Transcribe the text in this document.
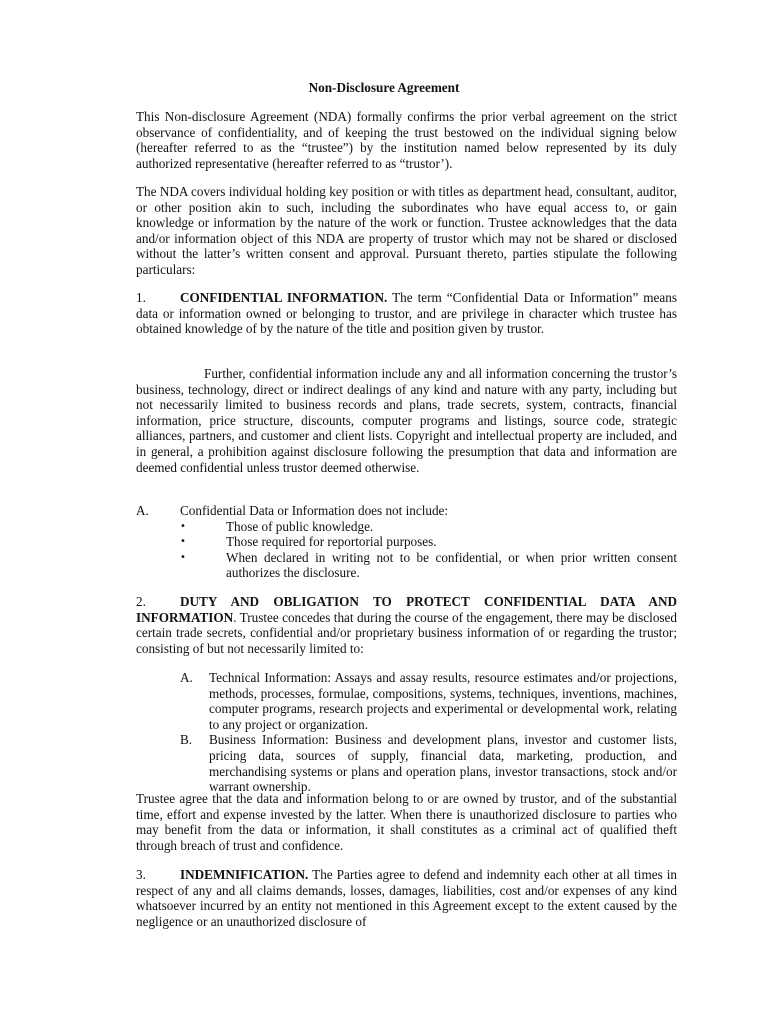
Non-Disclosure Agreement

This Non-disclosure Agreement (NDA) formally confirms the prior verbal agreement on the strict observance of confidentiality, and of keeping the trust bestowed on the individual signing below (hereafter referred to as the “trustee”) by the institution named below represented by its duly authorized representative (hereafter referred to as “trustor’).

The NDA covers individual holding key position or with titles as department head, consultant, auditor, or other position akin to such, including the subordinates who have equal access to, or gain knowledge or information by the nature of the work or function. Trustee acknowledges that the data and/or information object of this NDA are property of trustor which may not be shared or disclosed without the latter’s written consent and approval. Pursuant thereto, parties stipulate the following particulars:

1.	CONFIDENTIAL INFORMATION. The term “Confidential Data or Information” means data or information owned or belonging to trustor, and are privilege in character which trustee has obtained knowledge of by the nature of the title and position given by trustor.

Further, confidential information include any and all information concerning the trustor’s business, technology, direct or indirect dealings of any kind and nature with any party, including but not necessarily limited to business records and plans, trade secrets, system, contracts, financial information, price structure, discounts, computer programs and listings, source code, strategic alliances, partners, and customer and client lists. Copyright and intellectual property are included, and in general, a prohibition against disclosure following the presumption that data and information are deemed confidential unless trustor deemed otherwise.

A.	Confidential Data or Information does not include:
•	Those of public knowledge.
•	Those required for reportorial purposes.
•	When declared in writing not to be confidential, or when prior written consent authorizes the disclosure.

2.	DUTY AND OBLIGATION TO PROTECT CONFIDENTIAL DATA AND INFORMATION. Trustee concedes that during the course of the engagement, there may be disclosed certain trade secrets, confidential and/or proprietary business information of or regarding the trustor; consisting of but not necessarily limited to:

A.	Technical Information: Assays and assay results, resource estimates and/or projections, methods, processes, formulae, compositions, systems, techniques, inventions, machines, computer programs, research projects and experimental or developmental work, relating to any project or organization.
B.	Business Information: Business and development plans, investor and customer lists, pricing data, sources of supply, financial data, marketing, production, and merchandising systems or plans and operation plans, investor transactions, stock and/or warrant ownership.

Trustee agree that the data and information belong to or are owned by trustor, and of the substantial time, effort and expense invested by the latter. When there is unauthorized disclosure to parties who may benefit from the data or information, it shall constitutes as a criminal act of qualified theft through breach of trust and confidence.

3.	INDEMNIFICATION. The Parties agree to defend and indemnity each other at all times in respect of any and all claims demands, losses, damages, liabilities, cost and/or expenses of any kind whatsoever incurred by an entity not mentioned in this Agreement except to the extent caused by the negligence or an unauthorized disclosure of
